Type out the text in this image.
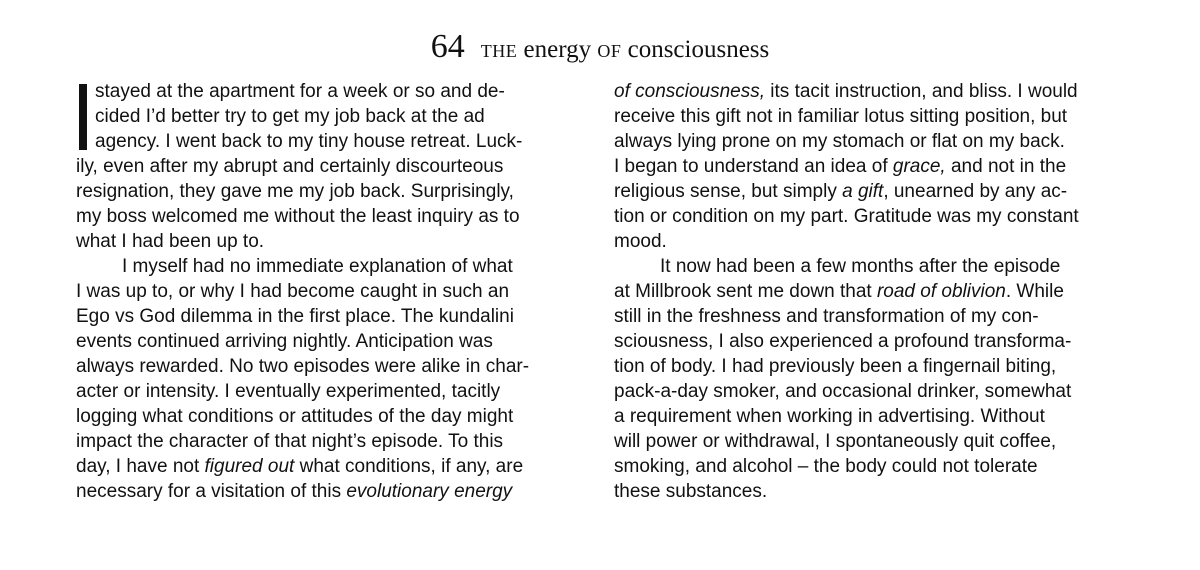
64 THE energy OF consciousness
stayed at the apartment for a week or so and de-
cided I’d better try to get my job back at the ad
agency. I went back to my tiny house retreat. Luck-
ily, even after my abrupt and certainly discourteous
resignation, they gave me my job back. Surprisingly,
my boss welcomed me without the least inquiry as to
what I had been up to.
I myself had no immediate explanation of what
I was up to, or why I had become caught in such an
Ego vs God dilemma in the first place. The kundalini
events continued arriving nightly. Anticipation was
always rewarded. No two episodes were alike in char-
acter or intensity. I eventually experimented, tacitly
logging what conditions or attitudes of the day might
impact the character of that night’s episode. To this
day, I have not figured out what conditions, if any, are
necessary for a visitation of this evolutionary energy
of consciousness, its tacit instruction, and bliss. I would
receive this gift not in familiar lotus sitting position, but
always lying prone on my stomach or flat on my back.
I began to understand an idea of grace, and not in the
religious sense, but simply a gift, unearned by any ac-
tion or condition on my part. Gratitude was my constant
mood.
It now had been a few months after the episode
at Millbrook sent me down that road of oblivion. While
still in the freshness and transformation of my con-
sciousness, I also experienced a profound transforma-
tion of body. I had previously been a fingernail biting,
pack-a-day smoker, and occasional drinker, somewhat
a requirement when working in advertising. Without
will power or withdrawal, I spontaneously quit coffee,
smoking, and alcohol – the body could not tolerate
these substances.
